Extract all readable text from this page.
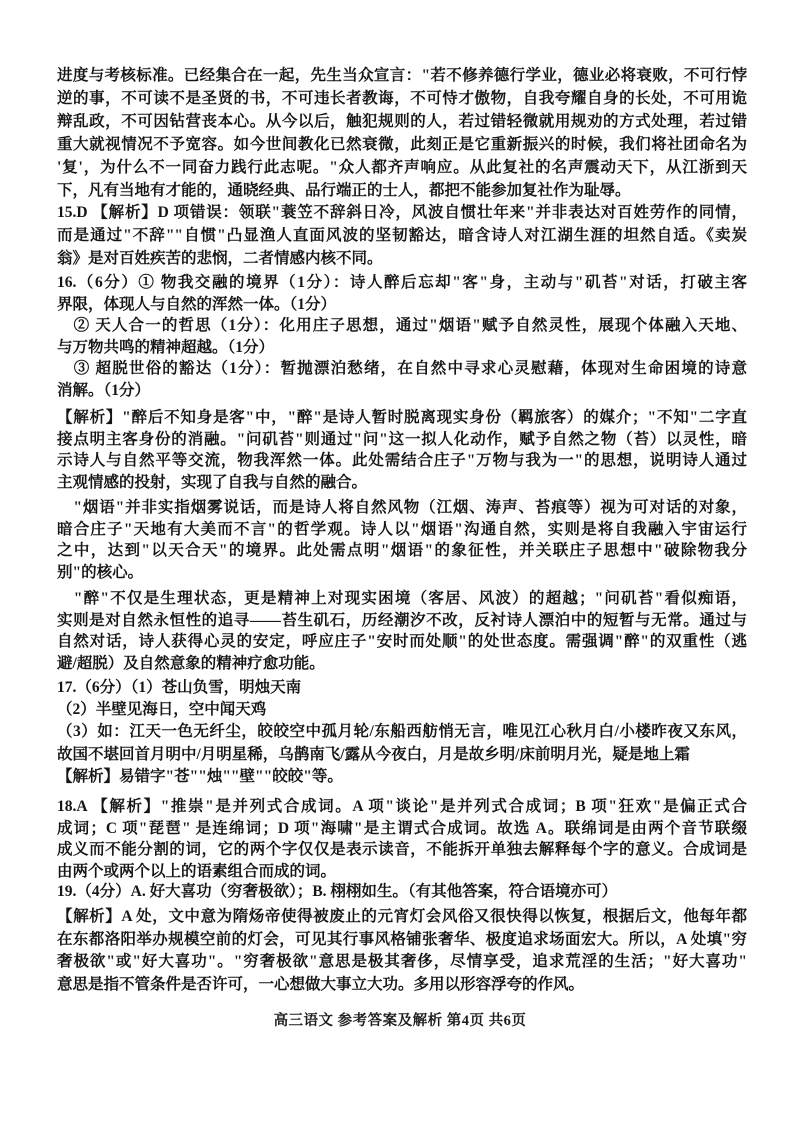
进度与考核标准。已经集合在一起，先生当众宣言："若不修养德行学业，德业必将衰败，不可行悖
逆的事，不可读不是圣贤的书，不可违长者教诲，不可恃才傲物，自我夸耀自身的长处，不可用诡
辩乱政，不可因钻营丧本心。从今以后，触犯规则的人，若过错轻微就用规劝的方式处理，若过错
重大就视情况不予宽容。如今世间教化已然衰微，此刻正是它重新振兴的时候，我们将社团命名为
'复'，为什么不一同奋力践行此志呢。"众人都齐声响应。从此复社的名声震动天下，从江浙到天
下，凡有当地有才能的，通晓经典、品行端正的士人，都把不能参加复社作为耻辱。
15.D 【解析】D 项错误：领联"蓑笠不辞斜日冷，风波自惯壮年来"并非表达对百姓劳作的同情，
而是通过"不辞""自惯"凸显渔人直面风波的坚韧豁达，暗含诗人对江湖生涯的坦然自适。《卖炭
翁》是对百姓疾苦的悲悯，二者情感内核不同。
16.（6分）① 物我交融的境界（1分）：诗人醉后忘却"客"身，主动与"矶苔"对话，打破主客
界限，体现人与自然的浑然一体。（1分）
　② 天人合一的哲思（1分）：化用庄子思想，通过"烟语"赋予自然灵性，展现个体融入天地、
与万物共鸣的精神超越。（1分）
　③ 超脱世俗的豁达（1分）：暂抛漂泊愁绪，在自然中寻求心灵慰藉，体现对生命困境的诗意
消解。（1分）
【解析】"醉后不知身是客"中，"醉"是诗人暂时脱离现实身份（羁旅客）的媒介；"不知"二字直
接点明主客身份的消融。"问矶苔"则通过"问"这一拟人化动作，赋予自然之物（苔）以灵性，暗
示诗人与自然平等交流，物我浑然一体。此处需结合庄子"万物与我为一"的思想，说明诗人通过
主观情感的投射，实现了自我与自然的融合。
　"烟语"并非实指烟雾说话，而是诗人将自然风物（江烟、涛声、苔痕等）视为可对话的对象，
暗合庄子"天地有大美而不言"的哲学观。诗人以"烟语"沟通自然，实则是将自我融入宇宙运行
之中，达到"以天合天"的境界。此处需点明"烟语"的象征性，并关联庄子思想中"破除物我分
别"的核心。
　"醉"不仅是生理状态，更是精神上对现实困境（客居、风波）的超越；"问矶苔"看似痴语，
实则是对自然永恒性的追寻——苔生矶石，历经潮汐不改，反衬诗人漂泊中的短暂与无常。通过与
自然对话，诗人获得心灵的安定，呼应庄子"安时而处顺"的处世态度。需强调"醉"的双重性（逃
避/超脱）及自然意象的精神疗愈功能。
17.（6分）（1）苍山负雪，明烛天南
（2）半壁见海日，空中闻天鸡
（3）如：江天一色无纤尘，皎皎空中孤月轮/东船西舫悄无言，唯见江心秋月白/小楼昨夜又东风，
故国不堪回首月明中/月明星稀，乌鹊南飞/露从今夜白，月是故乡明/床前明月光，疑是地上霜
【解析】易错字"苍""烛""壁""皎皎"等。
18.A 【解析】"推崇"是并列式合成词。A 项"谈论"是并列式合成词；B 项"狂欢"是偏正式合
成词；C 项"琵琶" 是连绵词；D 项"海啸"是主谓式合成词。故选 A。联绵词是由两个音节联缀
成义而不能分割的词，它的两个字仅仅是表示读音，不能拆开单独去解释每个字的意义。合成词是
由两个或两个以上的语素组合而成的词。
19.（4分）A. 好大喜功（穷奢极欲）；B. 栩栩如生。（有其他答案，符合语境亦可）
【解析】A 处，文中意为隋炀帝使得被废止的元宵灯会风俗又很快得以恢复，根据后文，他每年都
在东都洛阳举办规模空前的灯会，可见其行事风格铺张奢华、极度追求场面宏大。所以，A 处填"穷
奢极欲"或"好大喜功"。"穷奢极欲"意思是极其奢侈，尽情享受，追求荒淫的生活；"好大喜功"
意思是指不管条件是否许可，一心想做大事立大功。多用以形容浮夸的作风。
高三语文 参考答案及解析 第4页 共6页
